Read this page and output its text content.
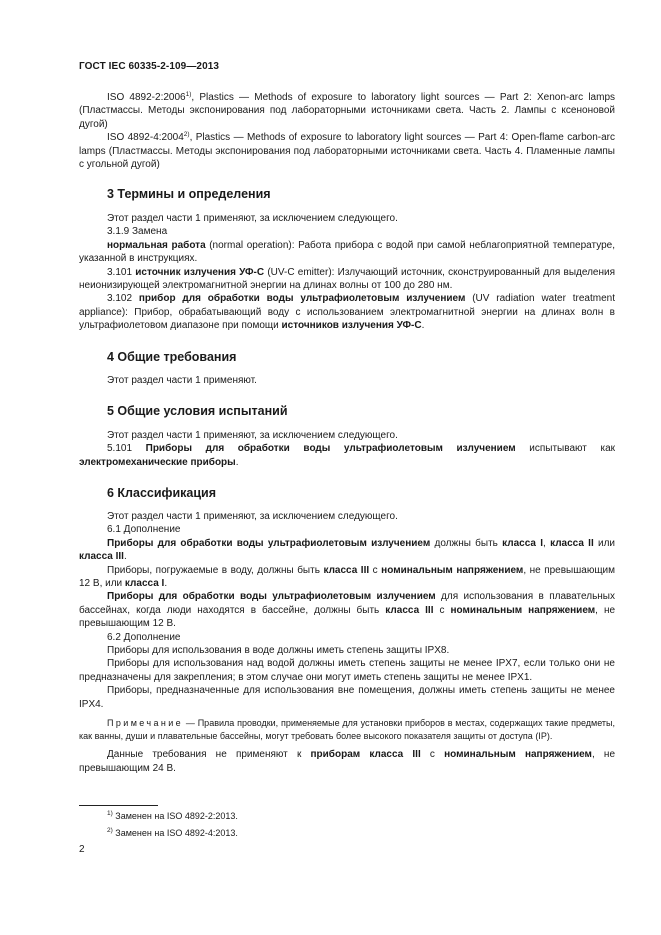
ГОСТ IEC 60335-2-109—2013

ISO 4892-2:2006$^{1)}$, Plastics — Methods of exposure to laboratory light sources — Part 2: Xenon-arc lamps (Пластмассы. Методы экспонирования под лабораторными источниками света. Часть 2. Лампы с ксеноновой дугой)

ISO 4892-4:2004$^{2)}$, Plastics — Methods of exposure to laboratory light sources — Part 4: Open-flame carbon-arc lamps (Пластмассы. Методы экспонирования под лабораторными источниками света. Часть 4. Пламенные лампы с угольной дугой)

3 Термины и определения

Этот раздел части 1 применяют, за исключением следующего.

3.1.9 Замена

нормальная работа (normal operation): Работа прибора с водой при самой неблагоприятной температуре, указанной в инструкциях.

3.101 источник излучения УФ-С (UV-C emitter): Излучающий источник, сконструированный для выделения неионизирующей электромагнитной энергии на длинах волны от 100 до 280 нм.

3.102 прибор для обработки воды ультрафиолетовым излучением (UV radiation water treatment appliance): Прибор, обрабатывающий воду с использованием электромагнитной энергии на длинах волн в ультрафиолетовом диапазоне при помощи источников излучения УФ-С.

4 Общие требования

Этот раздел части 1 применяют.

5 Общие условия испытаний

Этот раздел части 1 применяют, за исключением следующего.

5.101 Приборы для обработки воды ультрафиолетовым излучением испытывают как электромеханические приборы.

6 Классификация

Этот раздел части 1 применяют, за исключением следующего.

6.1 Дополнение

Приборы для обработки воды ультрафиолетовым излучением должны быть класса I, класса II или класса III.

Приборы, погружаемые в воду, должны быть класса III с номинальным напряжением, не превышающим 12 В, или класса I.

Приборы для обработки воды ультрафиолетовым излучением для использования в плавательных бассейнах, когда люди находятся в бассейне, должны быть класса III с номинальным напряжением, не превышающим 12 В.

6.2 Дополнение

Приборы для использования в воде должны иметь степень защиты IPX8.

Приборы для использования над водой должны иметь степень защиты не менее IPX7, если только они не предназначены для закрепления; в этом случае они могут иметь степень защиты не менее IPX1.

Приборы, предназначенные для использования вне помещения, должны иметь степень защиты не менее IPX4.

Примечание — Правила проводки, применяемые для установки приборов в местах, содержащих такие предметы, как ванны, души и плавательные бассейны, могут требовать более высокого показателя защиты от доступа (IP).

Данные требования не применяют к приборам класса III с номинальным напряжением, не превышающим 24 В.

$^{1)}$ Заменен на ISO 4892-2:2013.
$^{2)}$ Заменен на ISO 4892-4:2013.
2
